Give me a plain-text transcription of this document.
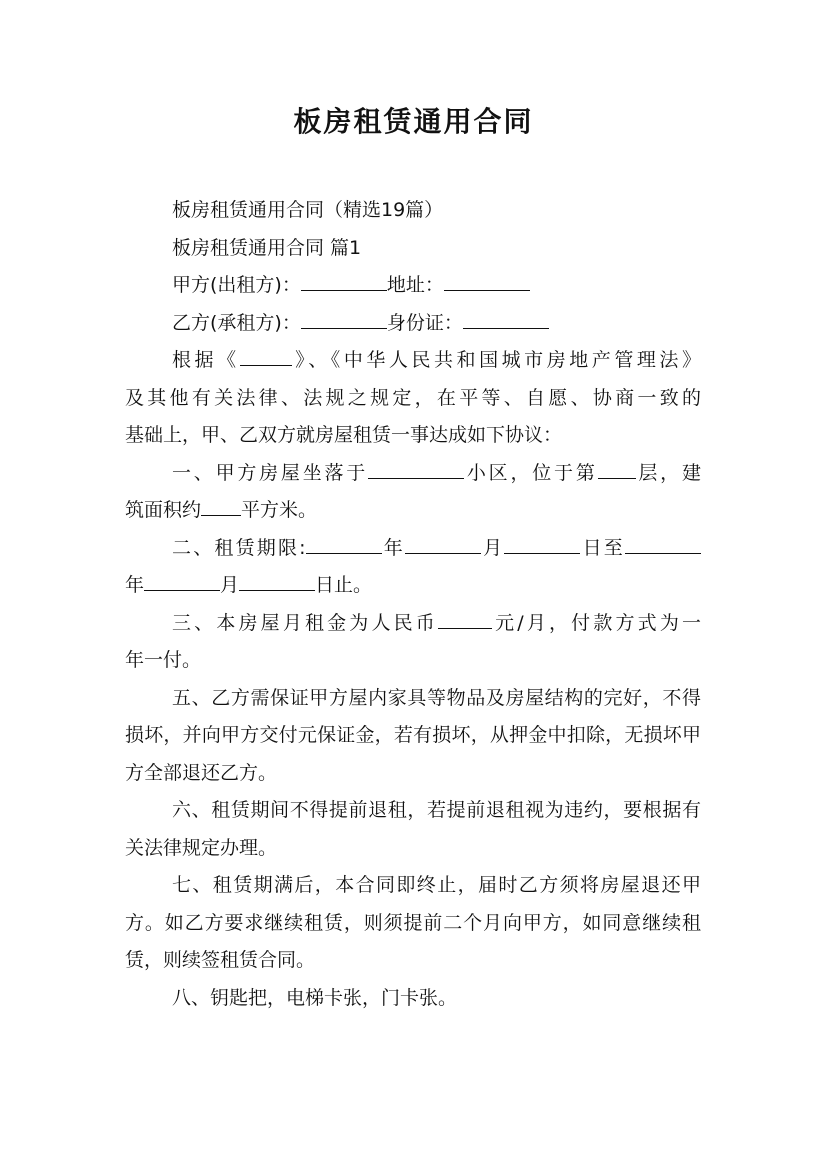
板房租赁通用合同

板房租赁通用合同（精选19篇）

板房租赁通用合同 篇1

甲方(出租方)：	地址：

乙方(承租方)：	身份证：

根据《	》、《中华人民共和国城市房地产管理法》

及其他有关法律、法规之规定，在平等、自愿、协商一致的

基础上，甲、乙双方就房屋租赁一事达成如下协议：

一、甲方房屋坐落于	小区，位于第 层，建

筑面积约 平方米。

二、租赁期限:	年	月	日至

年	月	日止。

三、本房屋月租金为人民币	元/月，付款方式为一

年一付。

五、乙方需保证甲方屋内家具等物品及房屋结构的完好，不得损坏，并向甲方交付元保证金，若有损坏，从押金中扣除，无损坏甲方全部退还乙方。

六、租赁期间不得提前退租，若提前退租视为违约，要根据有关法律规定办理。

七、租赁期满后，本合同即终止，届时乙方须将房屋退还甲方。如乙方要求继续租赁，则须提前二个月向甲方，如同意继续租赁，则续签租赁合同。

八、钥匙把，电梯卡张，门卡张。
